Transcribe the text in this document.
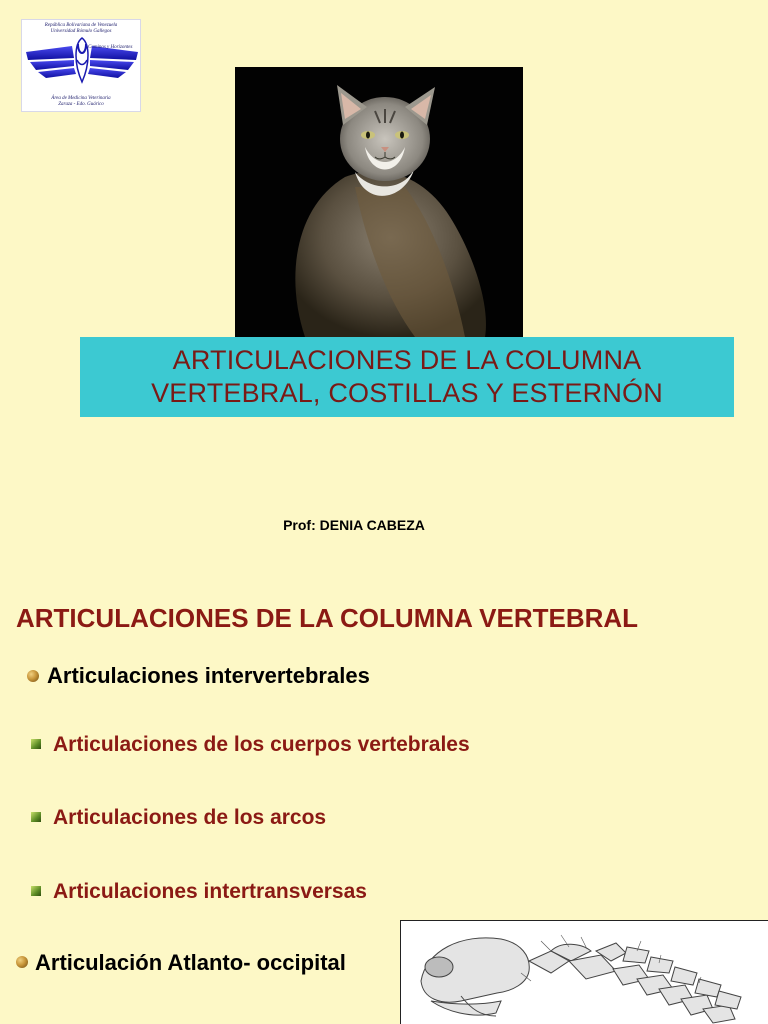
República Bolivariana de Venezuela
Universidad Rómulo Gallegos
Caminos y Horizontes
Área de Medicina Veterinaria
Zaraza - Edo. Guárico
ARTICULACIONES DE LA COLUMNA
VERTEBRAL, COSTILLAS Y ESTERNÓN
Prof: DENIA CABEZA
ARTICULACIONES DE LA COLUMNA VERTEBRAL
Articulaciones intervertebrales
Articulaciones de los cuerpos vertebrales
Articulaciones de los arcos
Articulaciones intertransversas
Articulación Atlanto- occipital
